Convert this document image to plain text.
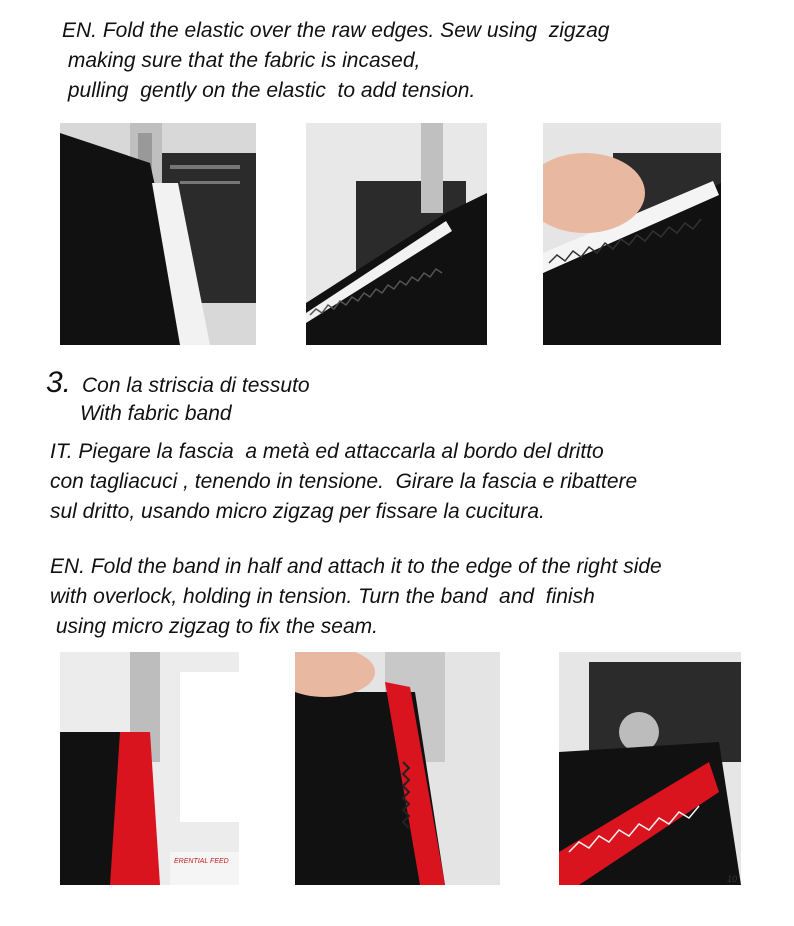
EN. Fold the elastic over the raw edges. Sew using  zigzag
making sure that the fabric is incased,
pulling  gently on the elastic  to add tension.

3. Con la striscia di tessuto

With fabric band

IT. Piegare la fascia  a metà ed attaccarla al bordo del dritto
con tagliacuci , tenendo in tensione.  Girare la fascia e ribattere
sul dritto, usando micro zigzag per fissare la cucitura.

EN. Fold the band in half and attach it to the edge of the right side
with overlock, holding in tension. Turn the band  and  finish
using micro zigzag to fix the seam.

ERENTIAL FEED
10
